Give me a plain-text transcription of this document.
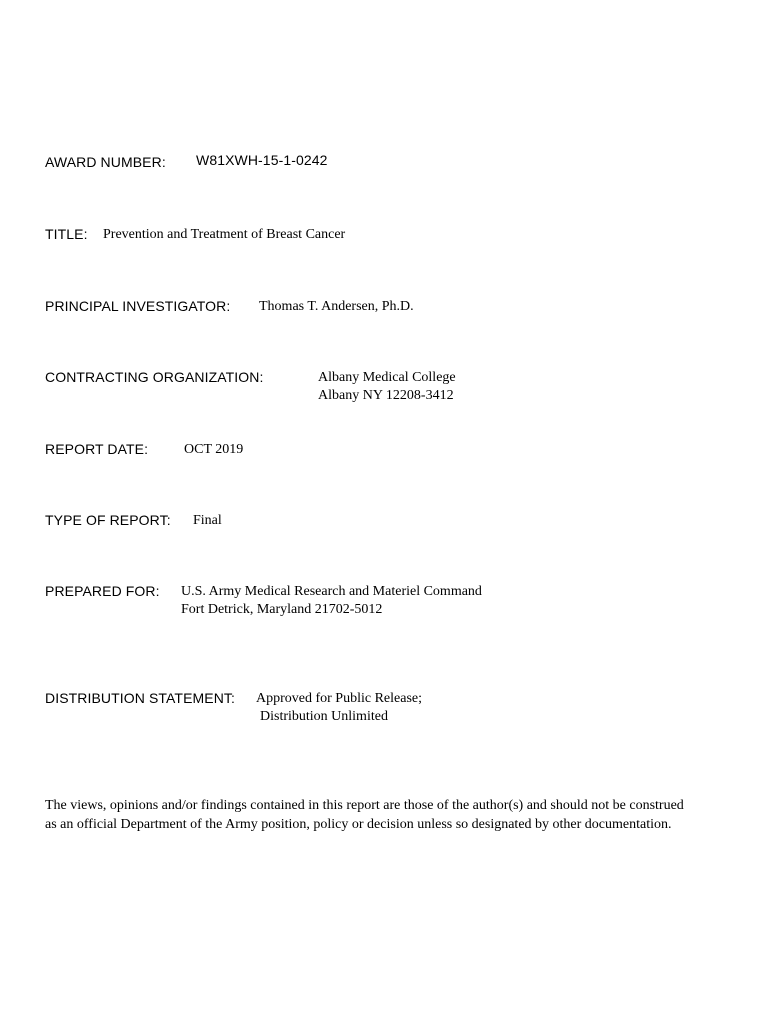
AWARD NUMBER: W81XWH-15-1-0242
TITLE: Prevention and Treatment of Breast Cancer
PRINCIPAL INVESTIGATOR: Thomas T. Andersen, Ph.D.
CONTRACTING ORGANIZATION:	Albany Medical College
Albany NY 12208-3412
REPORT DATE:	OCT 2019
TYPE OF REPORT: Final
PREPARED FOR: U.S. Army Medical Research and Materiel Command
Fort Detrick, Maryland 21702-5012
DISTRIBUTION STATEMENT: Approved for Public Release;
Distribution Unlimited
The views, opinions and/or findings contained in this report are those of the author(s) and should not be construed
as an official Department of the Army position, policy or decision unless so designated by other documentation.
